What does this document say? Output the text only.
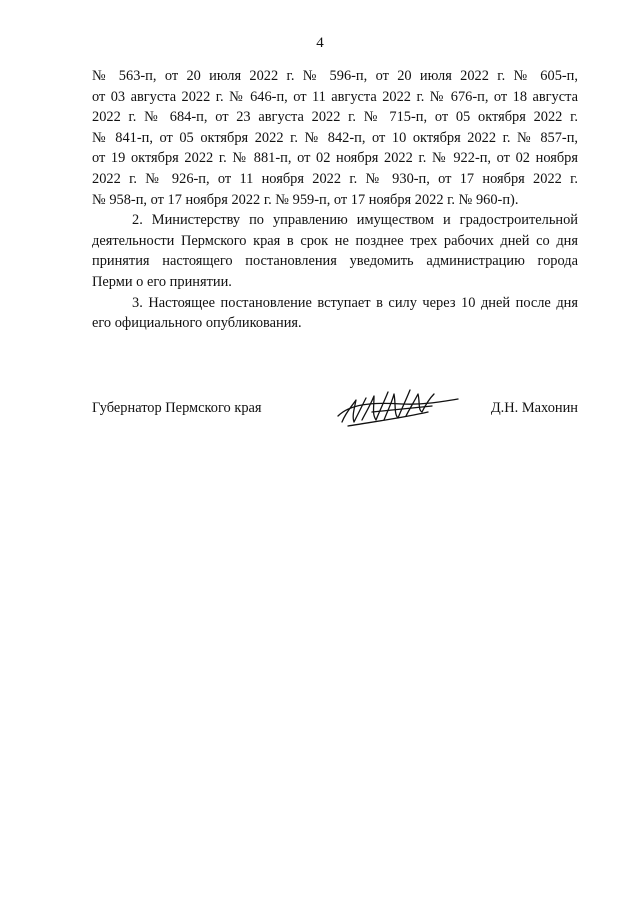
4
№ 563-п, от 20 июля 2022 г. № 596-п, от 20 июля 2022 г. № 605-п,
от 03 августа 2022 г. № 646-п, от 11 августа 2022 г. № 676-п, от 18 августа
2022 г. № 684-п, от 23 августа 2022 г. № 715-п, от 05 октября 2022 г.
№ 841-п, от 05 октября 2022 г. № 842-п, от 10 октября 2022 г. № 857-п,
от 19 октября 2022 г. № 881-п, от 02 ноября 2022 г. № 922-п, от 02 ноября
2022 г. № 926-п, от 11 ноября 2022 г. № 930-п, от 17 ноября 2022 г.
№ 958-п, от 17 ноября 2022 г. № 959-п, от 17 ноября 2022 г. № 960-п).
2. Министерству по управлению имуществом и градостроительной
деятельности Пермского края в срок не позднее трех рабочих дней со дня
принятия настоящего постановления уведомить администрацию города
Перми о его принятии.
3. Настоящее постановление вступает в силу через 10 дней после дня
его официального опубликования.
Губернатор Пермского края	Д.Н. Махонин
